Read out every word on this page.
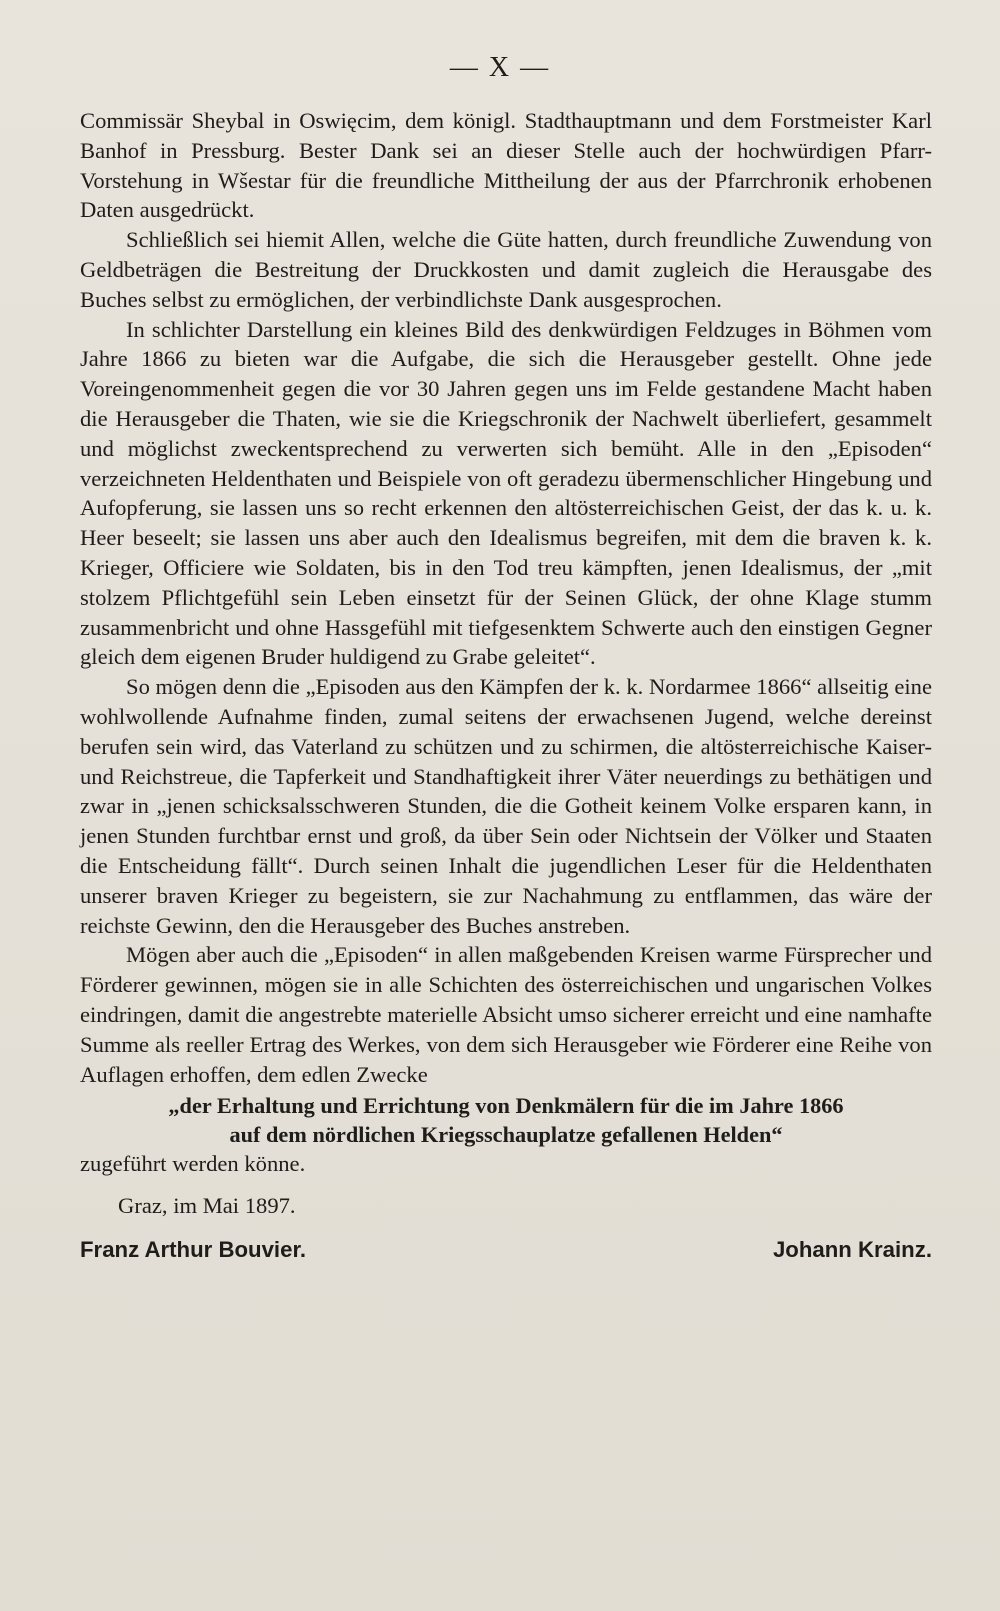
— X —

Commissär Sheybal in Oswięcim, dem königl. Stadthauptmann und dem Forstmeister Karl Banhof in Pressburg. Bester Dank sei an dieser Stelle auch der hochwürdigen Pfarr-Vorstehung in Wšestar für die freundliche Mittheilung der aus der Pfarrchronik erhobenen Daten ausgedrückt.

Schließlich sei hiemit Allen, welche die Güte hatten, durch freundliche Zuwendung von Geldbeträgen die Bestreitung der Druckkosten und damit zugleich die Herausgabe des Buches selbst zu ermöglichen, der verbindlichste Dank ausgesprochen.

In schlichter Darstellung ein kleines Bild des denkwürdigen Feldzuges in Böhmen vom Jahre 1866 zu bieten war die Aufgabe, die sich die Herausgeber gestellt. Ohne jede Voreingenommenheit gegen die vor 30 Jahren gegen uns im Felde gestandene Macht haben die Herausgeber die Thaten, wie sie die Kriegschronik der Nachwelt überliefert, gesammelt und möglichst zweckentsprechend zu verwerten sich bemüht. Alle in den „Episoden“ verzeichneten Heldenthaten und Beispiele von oft geradezu übermenschlicher Hingebung und Aufopferung, sie lassen uns so recht erkennen den altösterreichischen Geist, der das k. u. k. Heer beseelt; sie lassen uns aber auch den Idealismus begreifen, mit dem die braven k. k. Krieger, Officiere wie Soldaten, bis in den Tod treu kämpften, jenen Idealismus, der „mit stolzem Pflichtgefühl sein Leben einsetzt für der Seinen Glück, der ohne Klage stumm zusammenbricht und ohne Hassgefühl mit tiefgesenktem Schwerte auch den einstigen Gegner gleich dem eigenen Bruder huldigend zu Grabe geleitet“.

So mögen denn die „Episoden aus den Kämpfen der k. k. Nordarmee 1866“ allseitig eine wohlwollende Aufnahme finden, zumal seitens der erwachsenen Jugend, welche dereinst berufen sein wird, das Vaterland zu schützen und zu schirmen, die altösterreichische Kaiser- und Reichstreue, die Tapferkeit und Standhaftigkeit ihrer Väter neuerdings zu bethätigen und zwar in „jenen schicksalsschweren Stunden, die die Gotheit keinem Volke ersparen kann, in jenen Stunden furchtbar ernst und groß, da über Sein oder Nichtsein der Völker und Staaten die Entscheidung fällt“. Durch seinen Inhalt die jugendlichen Leser für die Heldenthaten unserer braven Krieger zu begeistern, sie zur Nachahmung zu entflammen, das wäre der reichste Gewinn, den die Herausgeber des Buches anstreben.

Mögen aber auch die „Episoden“ in allen maßgebenden Kreisen warme Fürsprecher und Förderer gewinnen, mögen sie in alle Schichten des österreichischen und ungarischen Volkes eindringen, damit die angestrebte materielle Absicht umso sicherer erreicht und eine namhafte Summe als reeller Ertrag des Werkes, von dem sich Herausgeber wie Förderer eine Reihe von Auflagen erhoffen, dem edlen Zwecke

„der Erhaltung und Errichtung von Denkmälern für die im Jahre 1866
auf dem nördlichen Kriegsschauplatze gefallenen Helden“

zugeführt werden könne.

Graz, im Mai 1897.

Franz Arthur Bouvier.	Johann Krainz.
